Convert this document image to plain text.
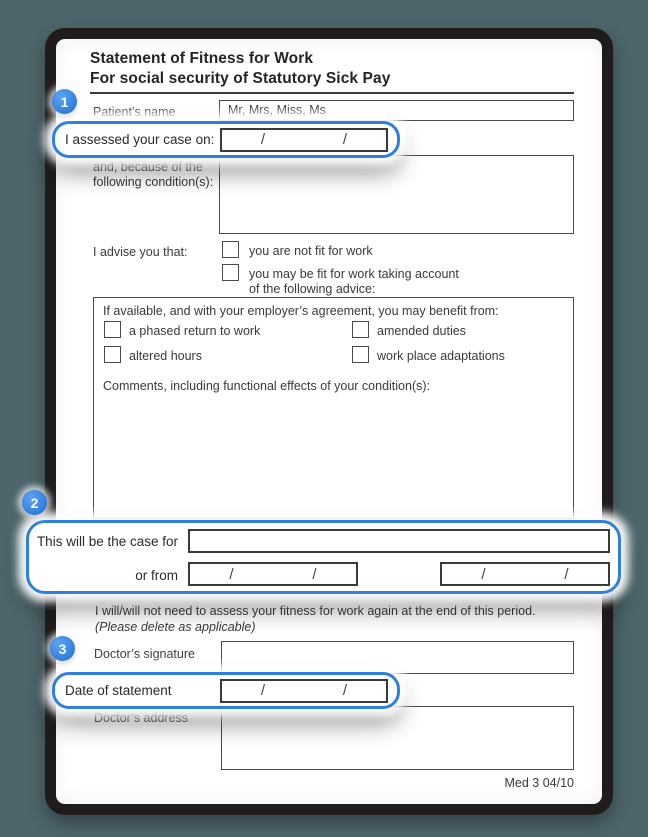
Statement of Fitness for Work
For social security of Statutory Sick Pay
Patient’s name	Mr, Mrs, Miss, Ms
I assessed your case on:	/	/
and, because of the
following condition(s):
I advise you that:	you are not fit for work
you may be fit for work taking account
of the following advice:
If available, and with your employer’s agreement, you may benefit from:
a phased return to work	amended duties
altered hours	work place adaptations
Comments, including functional effects of your condition(s):
This will be the case for
or from	/	/	/	/
I will/will not need to assess your fitness for work again at the end of this period.
(Please delete as applicable)
Doctor’s signature
Date of statement	/	/
Doctor’s address
Med 3 04/10
1
2
3
